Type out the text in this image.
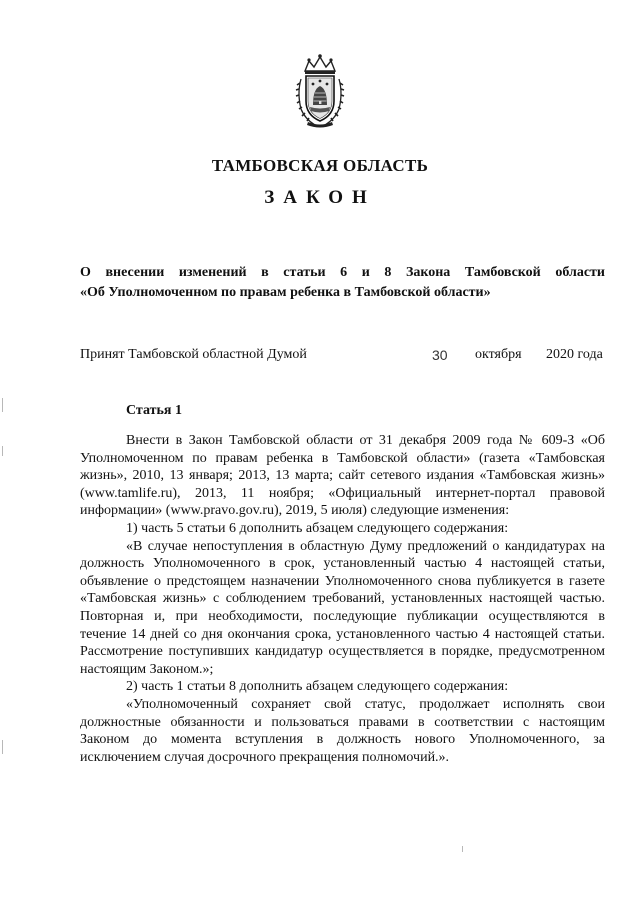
ТАМБОВСКАЯ ОБЛАСТЬ
ЗАКОН
О внесении изменений в статьи 6 и 8 Закона Тамбовской области
«Об Уполномоченном по правам ребенка в Тамбовской области»
Принят Тамбовской областной Думой	30 октября 2020 года
Статья 1

Внести в Закон Тамбовской области от 31 декабря 2009 года № 609-З «Об Уполномоченном по правам ребенка в Тамбовской области» (газета «Тамбовская жизнь», 2010, 13 января; 2013, 13 марта; сайт сетевого издания «Тамбовская жизнь» (www.tamlife.ru), 2013, 11 ноября; «Официальный интернет-портал правовой информации» (www.pravo.gov.ru), 2019, 5 июля) следующие изменения:

1) часть 5 статьи 6 дополнить абзацем следующего содержания:

«В случае непоступления в областную Думу предложений о кандидатурах на должность Уполномоченного в срок, установленный частью 4 настоящей статьи, объявление о предстоящем назначении Уполномоченного снова публикуется в газете «Тамбовская жизнь» с соблюдением требований, установленных настоящей частью. Повторная и, при необходимости, последующие публикации осуществляются в течение 14 дней со дня окончания срока, установленного частью 4 настоящей статьи. Рассмотрение поступивших кандидатур осуществляется в порядке, предусмотренном настоящим Законом.»;

2) часть 1 статьи 8 дополнить абзацем следующего содержания:

«Уполномоченный сохраняет свой статус, продолжает исполнять свои должностные обязанности и пользоваться правами в соответствии с настоящим Законом до момента вступления в должность нового Уполномоченного, за исключением случая досрочного прекращения полномочий.».
